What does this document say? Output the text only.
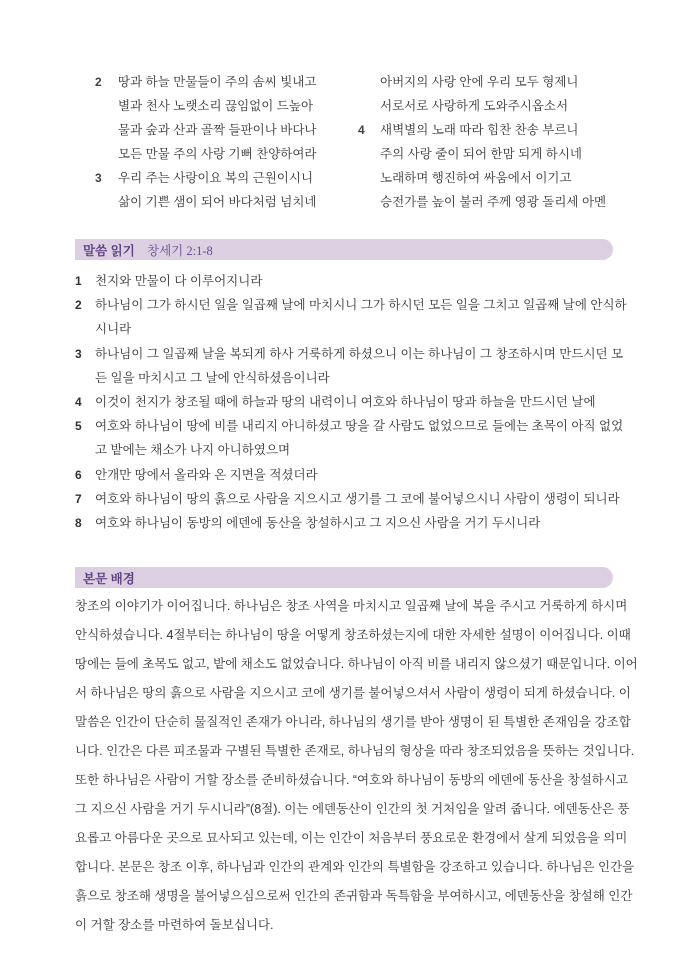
2 땅과 하늘 만물들이 주의 솜씨 빛내고
별과 천사 노랫소리 끊임없이 드높아
물과 숲과 산과 골짝 들판이나 바다나
모든 만물 주의 사랑 기뻐 찬양하여라
3 우리 주는 사랑이요 복의 근원이시니
삶이 기쁜 샘이 되어 바다처럼 넘치네
아버지의 사랑 안에 우리 모두 형제니
서로서로 사랑하게 도와주시옵소서
4 새벽별의 노래 따라 힘찬 찬송 부르니
주의 사랑 줄이 되어 한맘 되게 하시네
노래하며 행진하여 싸움에서 이기고
승전가를 높이 불러 주께 영광 돌리세 아멘
말씀 읽기 창세기 2:1-8
1	천지와 만물이 다 이루어지니라
2	하나님이 그가 하시던 일을 일곱째 날에 마치시니 그가 하시던 모든 일을 그치고 일곱째 날에 안식하
시니라
3	하나님이 그 일곱째 날을 복되게 하사 거룩하게 하셨으니 이는 하나님이 그 창조하시며 만드시던 모
든 일을 마치시고 그 날에 안식하셨음이니라
4	이것이 천지가 창조될 때에 하늘과 땅의 내력이니 여호와 하나님이 땅과 하늘을 만드시던 날에
5	여호와 하나님이 땅에 비를 내리지 아니하셨고 땅을 갈 사람도 없었으므로 들에는 초목이 아직 없었
고 밭에는 채소가 나지 아니하였으며
6	안개만 땅에서 올라와 온 지면을 적셨더라
7	여호와 하나님이 땅의 흙으로 사람을 지으시고 생기를 그 코에 불어넣으시니 사람이 생령이 되니라
8	여호와 하나님이 동방의 에덴에 동산을 창설하시고 그 지으신 사람을 거기 두시니라
본문 배경
창조의 이야기가 이어집니다. 하나님은 창조 사역을 마치시고 일곱째 날에 복을 주시고 거룩하게 하시며
안식하셨습니다. 4절부터는 하나님이 땅을 어떻게 창조하셨는지에 대한 자세한 설명이 이어집니다. 이때
땅에는 들에 초목도 없고, 밭에 채소도 없었습니다. 하나님이 아직 비를 내리지 않으셨기 때문입니다. 이어
서 하나님은 땅의 흙으로 사람을 지으시고 코에 생기를 불어넣으셔서 사람이 생령이 되게 하셨습니다. 이
말씀은 인간이 단순히 물질적인 존재가 아니라, 하나님의 생기를 받아 생명이 된 특별한 존재임을 강조합
니다. 인간은 다른 피조물과 구별된 특별한 존재로, 하나님의 형상을 따라 창조되었음을 뜻하는 것입니다.
또한 하나님은 사람이 거할 장소를 준비하셨습니다. “여호와 하나님이 동방의 에덴에 동산을 창설하시고
그 지으신 사람을 거기 두시니라”(8절). 이는 에덴동산이 인간의 첫 거처임을 알려 줍니다. 에덴동산은 풍
요롭고 아름다운 곳으로 묘사되고 있는데, 이는 인간이 처음부터 풍요로운 환경에서 살게 되었음을 의미
합니다. 본문은 창조 이후, 하나님과 인간의 관계와 인간의 특별함을 강조하고 있습니다. 하나님은 인간을
흙으로 창조해 생명을 불어넣으심으로써 인간의 존귀함과 독특함을 부여하시고, 에덴동산을 창설해 인간
이 거할 장소를 마련하여 돌보십니다.
